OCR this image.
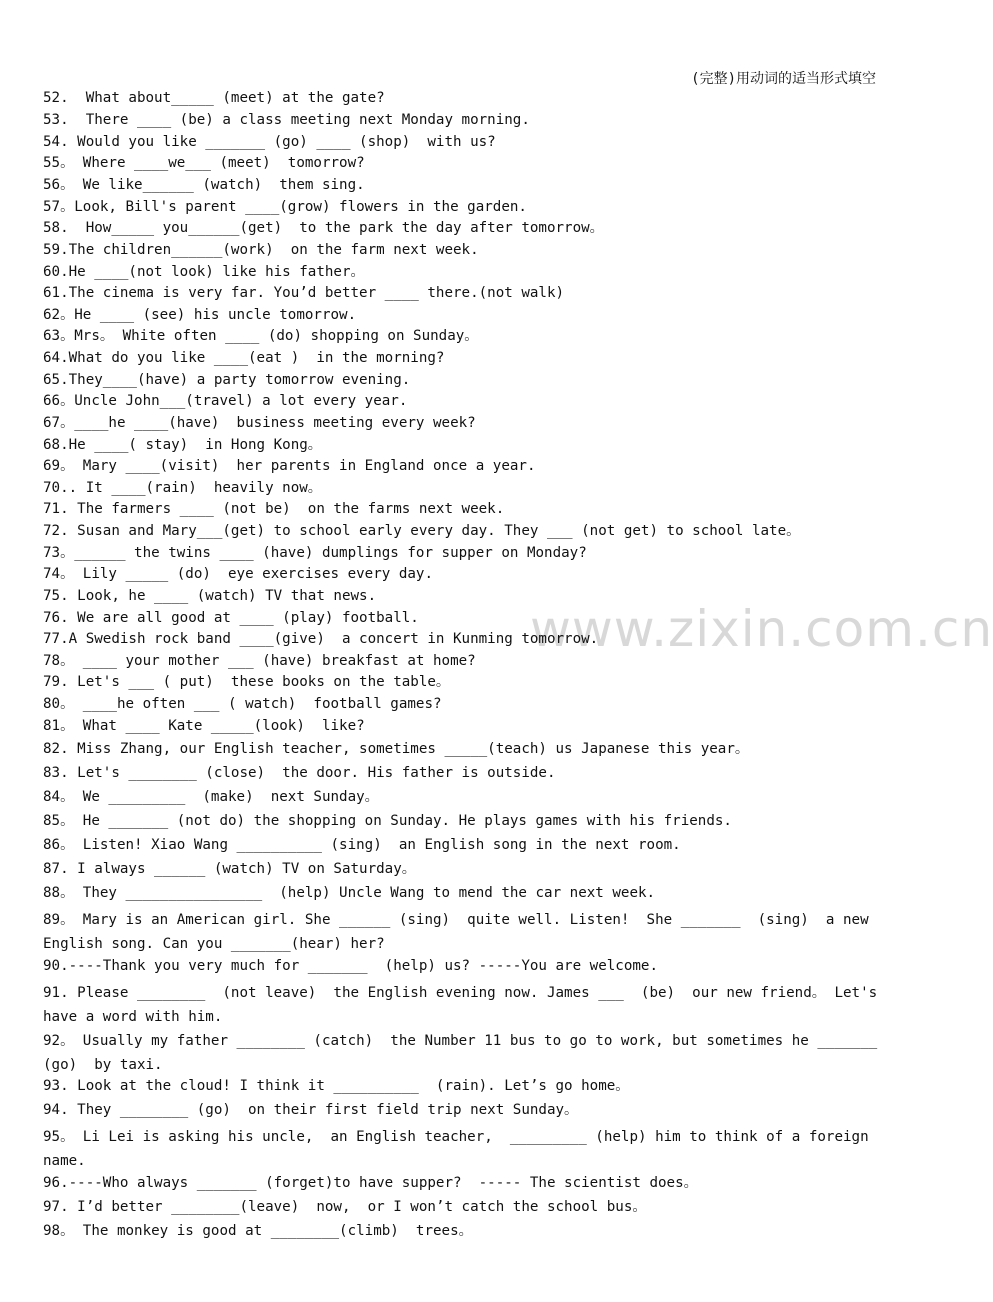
www.zixin.com.cn
(完整)用动词的适当形式填空
52.  What about_____ (meet) at the gate?
53.  There ____ (be) a class meeting next Monday morning.
54. Would you like _______ (go) ____ (shop)  with us?
55。 Where ____we___ (meet)  tomorrow?
56。 We like______ (watch)  them sing.
57。Look, Bill's parent ____(grow) flowers in the garden.
58.  How_____ you______(get)  to the park the day after tomorrow。
59.The children______(work)  on the farm next week.
60.He ____(not look) like his father。
61.The cinema is very far. You’d better ____ there.(not walk)
62。He ____ (see) his uncle tomorrow.
63。Mrs。 White often ____ (do) shopping on Sunday。
64.What do you like ____(eat )  in the morning?
65.They____(have) a party tomorrow evening.
66。Uncle John___(travel) a lot every year.
67。____he ____(have)  business meeting every week?
68.He ____( stay)  in Hong Kong。
69。 Mary ____(visit)  her parents in England once a year.
70.. It ____(rain)  heavily now。
71. The farmers ____ (not be)  on the farms next week.
72. Susan and Mary___(get) to school early every day. They ___ (not get) to school late。
73。______ the twins ____ (have) dumplings for supper on Monday?
74。 Lily _____ (do)  eye exercises every day.
75. Look, he ____ (watch) TV that news.
76. We are all good at ____ (play) football.
77.A Swedish rock band ____(give)  a concert in Kunming tomorrow.
78。 ____ your mother ___ (have) breakfast at home?
79. Let's ___ ( put)  these books on the table。
80。 ____he often ___ ( watch)  football games?
81。 What ____ Kate _____(look)  like?
82. Miss Zhang, our English teacher, sometimes _____(teach) us Japanese this year。
83. Let's ________ (close)  the door. His father is outside.
84。 We _________  (make)  next Sunday。
85。 He _______ (not do) the shopping on Sunday. He plays games with his friends.
86。 Listen! Xiao Wang __________ (sing)  an English song in the next room.
87. I always ______ (watch) TV on Saturday。
88。 They ________________  (help) Uncle Wang to mend the car next week.
89。 Mary is an American girl. She ______ (sing)  quite well. Listen!  She _______  (sing)  a new English song. Can you _______(hear) her?
90.----Thank you very much for _______  (help) us? -----You are welcome.
91. Please ________  (not leave)  the English evening now. James ___  (be)  our new friend。 Let's have a word with him.
92。 Usually my father ________ (catch)  the Number 11 bus to go to work, but sometimes he _______ (go)  by taxi.
93. Look at the cloud! I think it __________  (rain). Let’s go home。
94. They ________ (go)  on their first field trip next Sunday。
95。 Li Lei is asking his uncle,  an English teacher,  _________ (help) him to think of a foreign name.
96.----Who always _______ (forget)to have supper?  ----- The scientist does。
97. I’d better ________(leave)  now,  or I won’t catch the school bus。
98。 The monkey is good at ________(climb)  trees。
